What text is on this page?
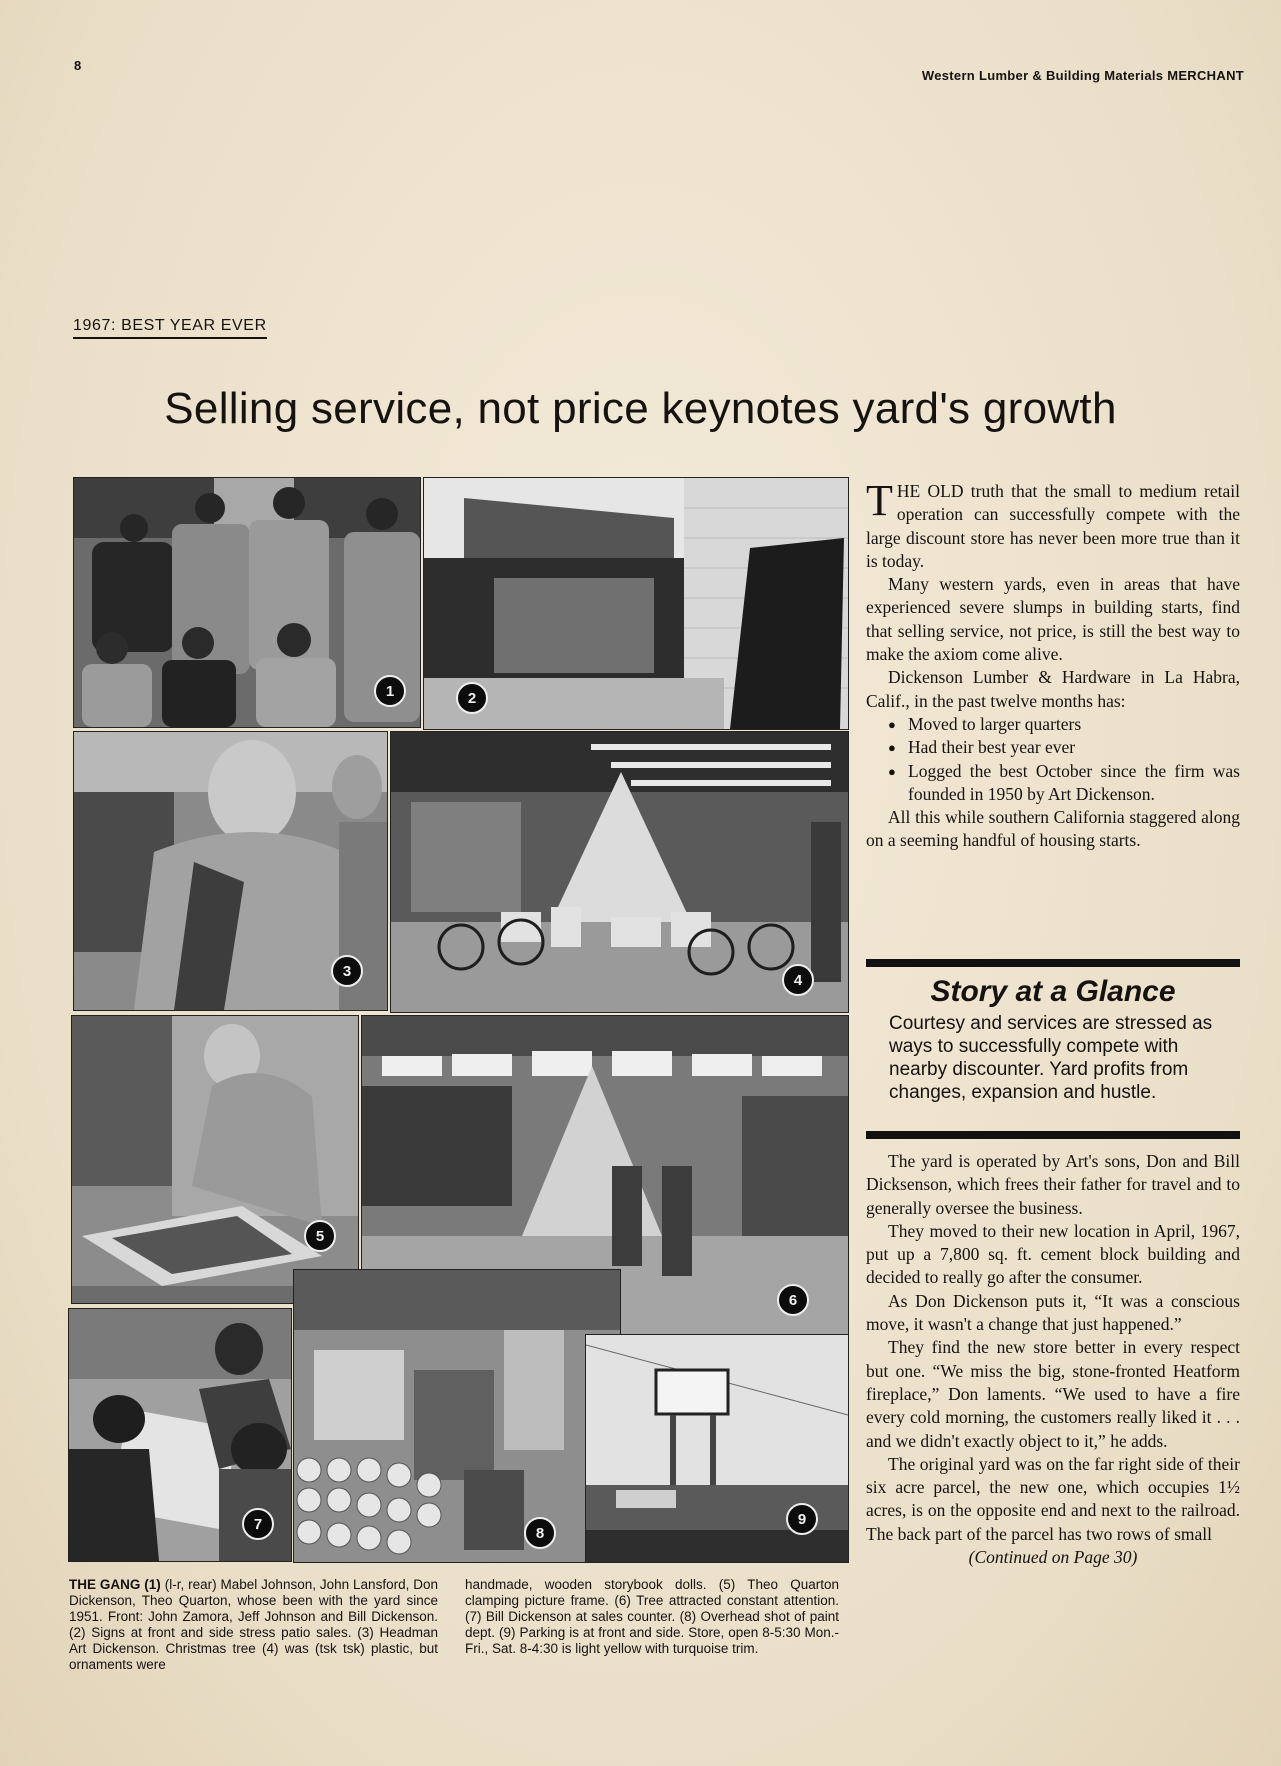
8
Western Lumber & Building Materials MERCHANT
1967: BEST YEAR EVER
Selling service, not price keynotes yard's growth
1	2
3
4
5
6
7
8
9
THE GANG (1) (l-r, rear) Mabel Johnson, John Lansford, Don Dickenson, Theo Quarton, whose been with the yard since 1951. Front: John Zamora, Jeff Johnson and Bill Dickenson. (2) Signs at front and side stress patio sales. (3) Headman Art Dickenson. Christmas tree (4) was (tsk tsk) plastic, but ornaments were
handmade, wooden storybook dolls. (5) Theo Quarton clamping picture frame. (6) Tree attracted constant attention. (7) Bill Dickenson at sales counter. (8) Overhead shot of paint dept. (9) Parking is at front and side. Store, open 8-5:30 Mon.-Fri., Sat. 8-4:30 is light yellow with turquoise trim.

THE OLD truth that the small to medium retail operation can successfully compete with the large discount store has never been more true than it is today.

Many western yards, even in areas that have experienced severe slumps in building starts, find that selling service, not price, is still the best way to make the axiom come alive.

Dickenson Lumber & Hardware in La Habra, Calif., in the past twelve months has:

● Moved to larger quarters
● Had their best year ever
● Logged the best October since the firm was founded in 1950 by Art Dickenson.

All this while southern California staggered along on a seeming handful of housing starts.

Story at a Glance
Courtesy and services are stressed as ways to successfully compete with nearby discounter. Yard profits from changes, expansion and hustle.

The yard is operated by Art's sons, Don and Bill Dicksenson, which frees their father for travel and to generally oversee the business.

They moved to their new location in April, 1967, put up a 7,800 sq. ft. cement block building and decided to really go after the consumer.

As Don Dickenson puts it, “It was a conscious move, it wasn't a change that just happened.”

They find the new store better in every respect but one. “We miss the big, stone-fronted Heatform fireplace,” Don laments. “We used to have a fire every cold morning, the customers really liked it . . . and we didn't exactly object to it,” he adds.

The original yard was on the far right side of their six acre parcel, the new one, which occupies 1½ acres, is on the opposite end and next to the railroad. The back part of the parcel has two rows of small

(Continued on Page 30)
